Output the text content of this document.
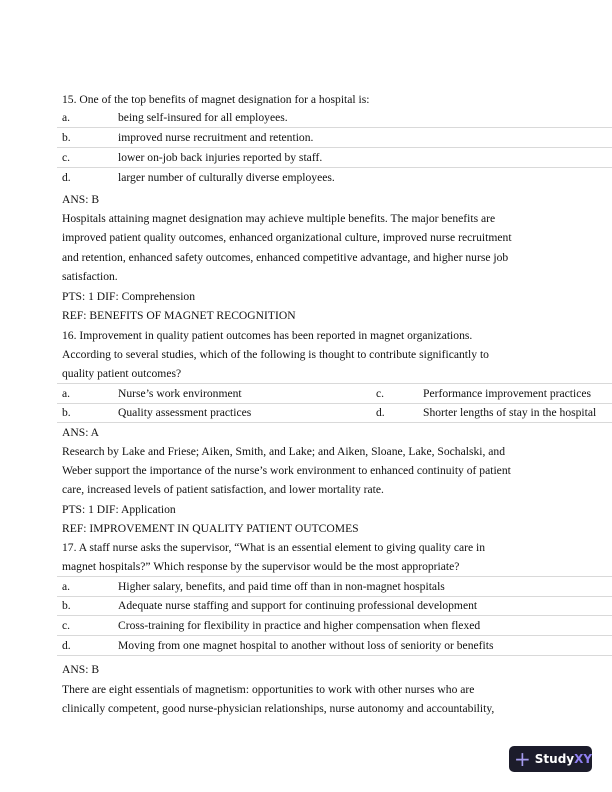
15. One of the top benefits of magnet designation for a hospital is:
a.	being self-insured for all employees.
b.	improved nurse recruitment and retention.
c.	lower on-job back injuries reported by staff.
d.	larger number of culturally diverse employees.
ANS: B
Hospitals attaining magnet designation may achieve multiple benefits. The major benefits are
improved patient quality outcomes, enhanced organizational culture, improved nurse recruitment
and retention, enhanced safety outcomes, enhanced competitive advantage, and higher nurse job
satisfaction.
PTS: 1 DIF: Comprehension
REF: BENEFITS OF MAGNET RECOGNITION
16. Improvement in quality patient outcomes has been reported in magnet organizations.
According to several studies, which of the following is thought to contribute significantly to
quality patient outcomes?
a.	Nurse’s work environment	c.	Performance improvement practices
b.	Quality assessment practices	d.	Shorter lengths of stay in the hospital
ANS: A
Research by Lake and Friese; Aiken, Smith, and Lake; and Aiken, Sloane, Lake, Sochalski, and
Weber support the importance of the nurse’s work environment to enhanced continuity of patient
care, increased levels of patient satisfaction, and lower mortality rate.
PTS: 1 DIF: Application
REF: IMPROVEMENT IN QUALITY PATIENT OUTCOMES
17. A staff nurse asks the supervisor, “What is an essential element to giving quality care in
magnet hospitals?” Which response by the supervisor would be the most appropriate?
a.	Higher salary, benefits, and paid time off than in non-magnet hospitals
b.	Adequate nurse staffing and support for continuing professional development
c.	Cross-training for flexibility in practice and higher compensation when flexed
d.	Moving from one magnet hospital to another without loss of seniority or benefits
ANS: B
There are eight essentials of magnetism: opportunities to work with other nurses who are
clinically competent, good nurse-physician relationships, nurse autonomy and accountability,
+ StudyXY
